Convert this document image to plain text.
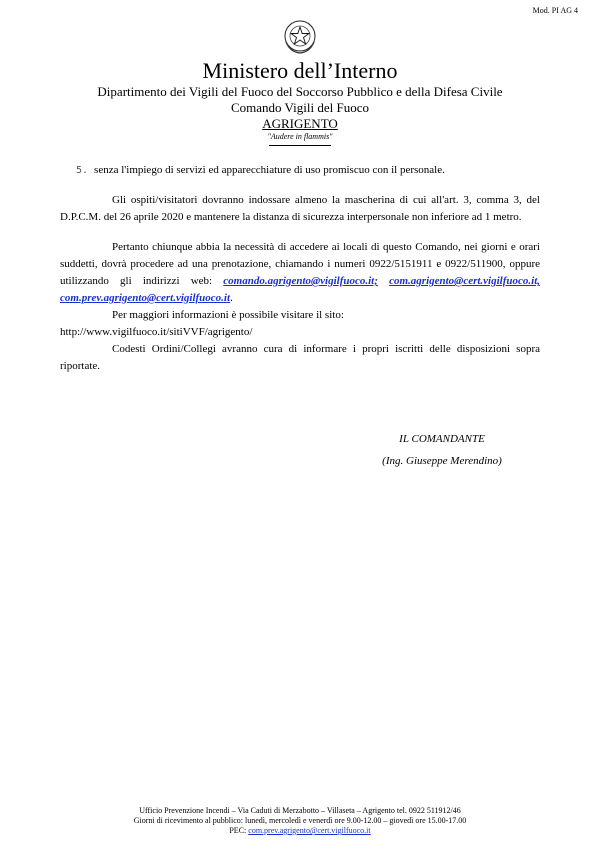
Mod. PI AG 4
Ministero dell’Interno
Dipartimento dei Vigili del Fuoco del Soccorso Pubblico e della Difesa Civile
Comando Vigili del Fuoco
AGRIGENTO
"Audere in flammis"
5. senza l'impiego di servizi ed apparecchiature di uso promiscuo con il personale.

Gli ospiti/visitatori dovranno indossare almeno la mascherina di cui all'art. 3, comma 3, del D.P.C.M. del 26 aprile 2020 e mantenere la distanza di sicurezza interpersonale non inferiore ad 1 metro.

Pertanto chiunque abbia la necessità di accedere ai locali di questo Comando, nei giorni e orari suddetti, dovrà procedere ad una prenotazione, chiamando i numeri 0922/5151911 e 0922/511900, oppure utilizzando gli indirizzi web: comando.agrigento@vigilfuoco.it; com.agrigento@cert.vigilfuoco.it, com.prev.agrigento@cert.vigilfuoco.it.

Per maggiori informazioni è possibile visitare il sito:

http://www.vigilfuoco.it/sitiVVF/agrigento/

Codesti Ordini/Collegi avranno cura di informare i propri iscritti delle disposizioni sopra riportate.

IL COMANDANTE
(Ing. Giuseppe Merendino)
Ufficio Prevenzione Incendi – Via Caduti di Merzabotto – Villaseta – Agrigento tel. 0922 511912/46
Giorni di ricevimento al pubblico: lunedì, mercoledì e venerdì ore 9.00-12.00 – giovedì ore 15.00-17.00
PEC: com.prev.agrigento@cert.vigilfuoco.it
